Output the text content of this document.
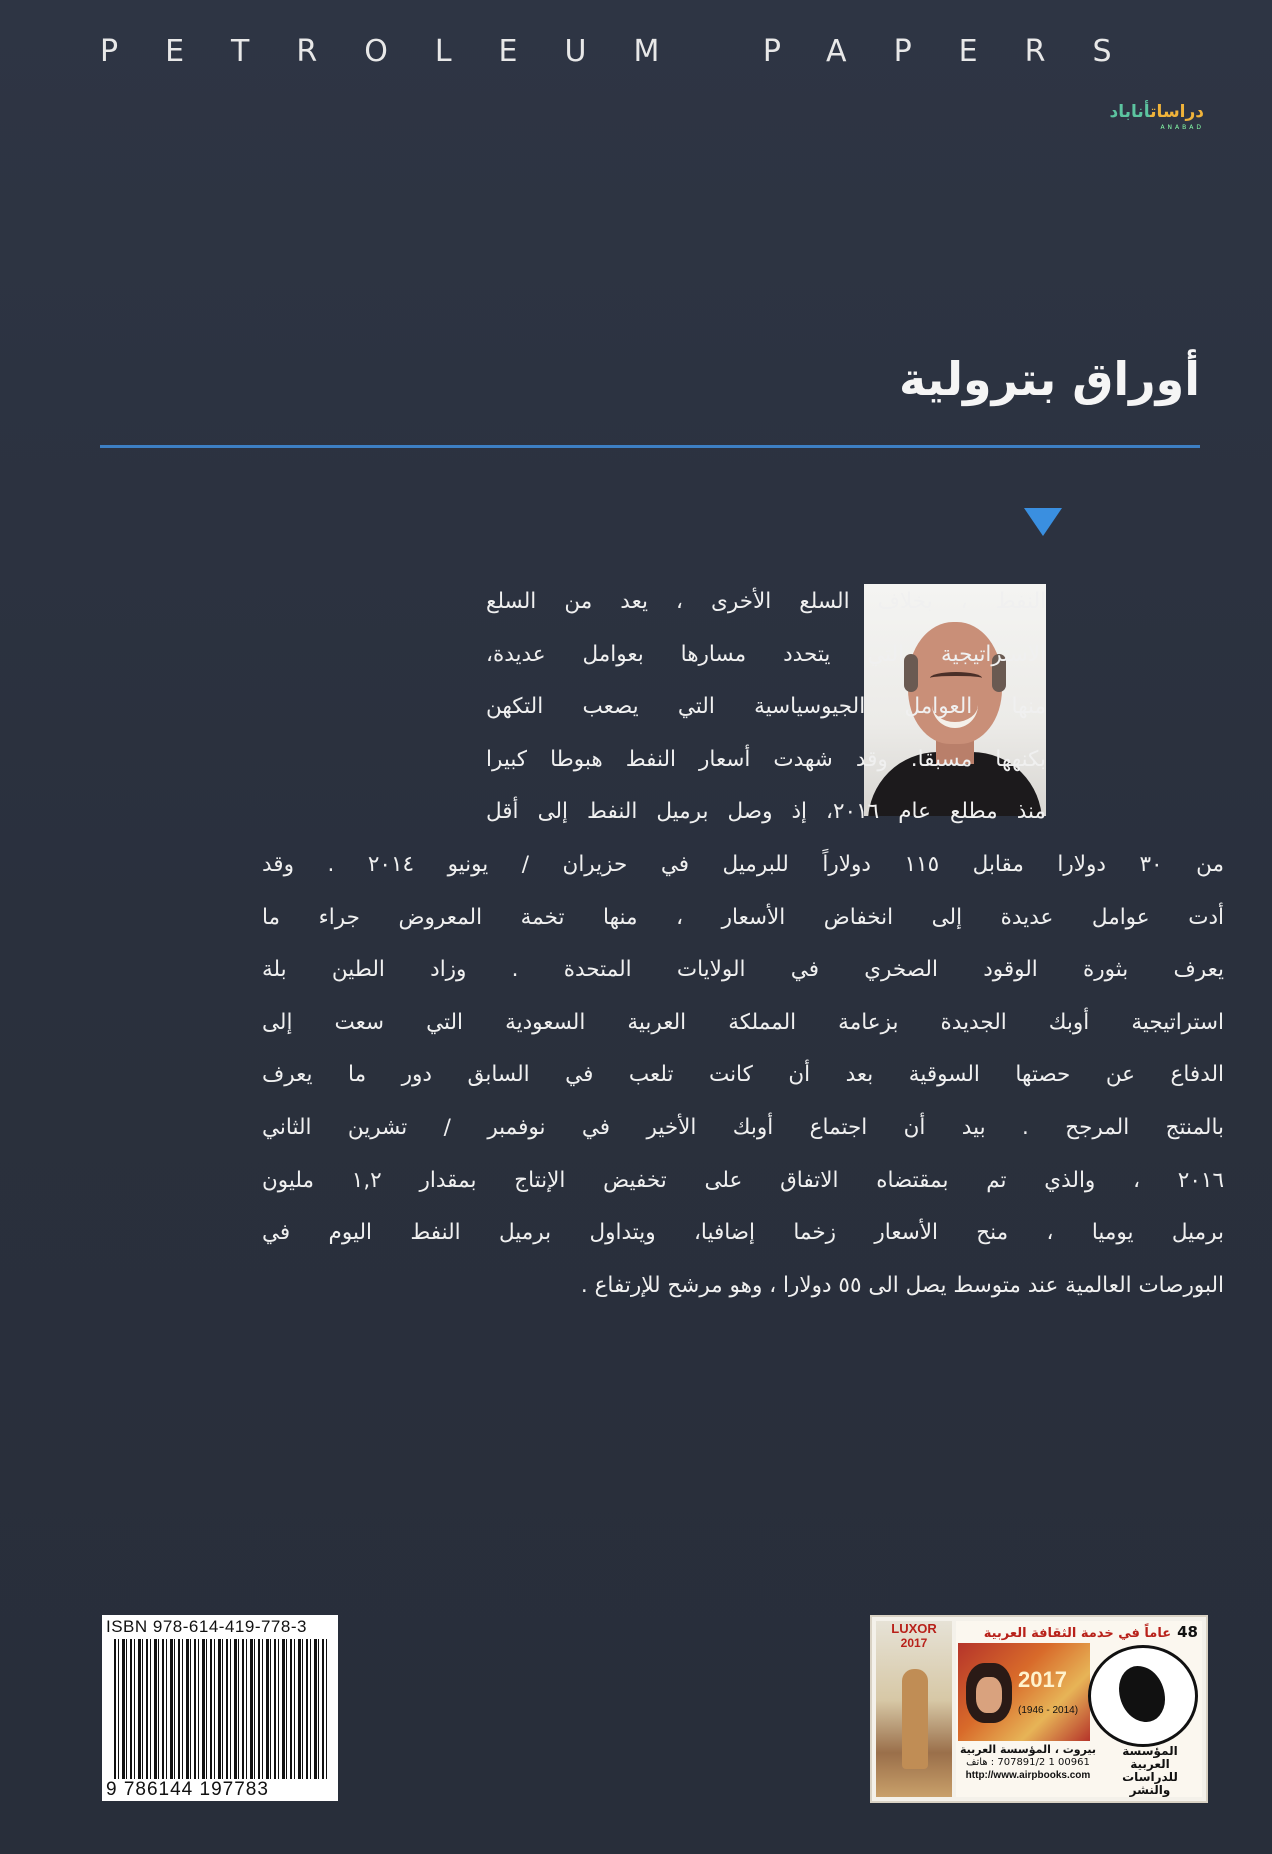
PETROLEUM PAPERS
دراساتأناباد
ANABAD
أوراق بترولية
النفط ، بخلاف السلع الأخرى ، يعد من السلع
الاستراتيجية التي يتحدد مسارها بعوامل عديدة،
منها العوامل الجيوسياسية التي يصعب التكهن
بكنهها مسبقا. وقد شهدت أسعار النفط هبوطا كبيرا
منذ مطلع عام ٢٠١٦، إذ وصل برميل النفط إلى أقل
من ٣٠ دولارا مقابل ١١٥ دولاراً للبرميل في حزيران / يونيو ٢٠١٤ . وقد
أدت عوامل عديدة إلى انخفاض الأسعار ، منها تخمة المعروض جراء ما
يعرف بثورة الوقود الصخري في الولايات المتحدة . وزاد الطين بلة
استراتيجية أوبك الجديدة بزعامة المملكة العربية السعودية التي سعت إلى
الدفاع عن حصتها السوقية بعد أن كانت تلعب في السابق دور ما يعرف
بالمنتج المرجح . بيد أن اجتماع أوبك الأخير في نوفمبر / تشرين الثاني
٢٠١٦ ، والذي تم بمقتضاه الاتفاق على تخفيض الإنتاج بمقدار ١,٢ مليون
برميل يوميا ، منح الأسعار زخما إضافيا، ويتداول برميل النفط اليوم في
البورصات العالمية عند متوسط يصل الى ٥٥ دولارا ، وهو مرشح للإرتفاع .
ISBN 978-614-419-778-3
9 786144 197783
LUXOR
2017
48عاماً في خدمة الثقافة العربية
2017
(1946 - 2014)
بيروت ، المؤسسة العربية
00961 1 707891/2 : هاتف
http://www.airpbooks.com
المؤسسة العربية للدراسات والنشر
